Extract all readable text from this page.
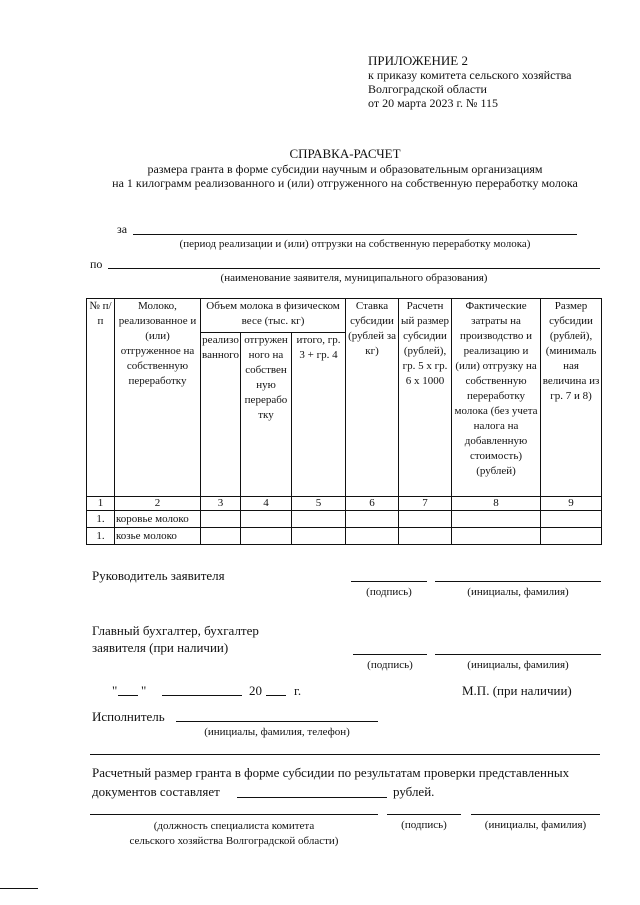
ПРИЛОЖЕНИЕ 2
к приказу комитета сельского хозяйства
Волгоградской области
от 20 марта 2023 г. № 115
СПРАВКА-РАСЧЕТ
размера гранта в форме субсидии научным и образовательным организациям
на 1 килограмм реализованного и (или) отгруженного на собственную переработку молока
за
(период реализации и (или) отгрузки на собственную переработку молока)
по
(наименование заявителя, муниципального образования)
№ п/п	Молоко, реализованное и (или) отгруженное на собственную переработку	Объем молока в физическом весе (тыс. кг)			Ставка субсидии (рублей за кг)	Расчетн ый размер субсидии (рублей), гр. 5 x гр. 6 x 1000	Фактические затраты на производство и реализацию и (или) отгрузку на собственную переработку молока (без учета налога на добавленную стоимость) (рублей)	Размер субсидии (рублей), (минималь ная величина из гр. 7 и 8)
		реализо ванного	отгружен ного на собствен ную перерабо тку	итого, гр. 3 + гр. 4				
1	2	3	4	5	6	7	8	9
1.	коровье молоко							
1.	козье молоко							
Руководитель заявителя
(подпись)	(инициалы, фамилия)
Главный бухгалтер, бухгалтер
заявителя (при наличии)
(подпись)	(инициалы, фамилия)
" "	20 г.	М.П. (при наличии)
Исполнитель
(инициалы, фамилия, телефон)
Расчетный размер гранта в форме субсидии по результатам проверки представленных
документов составляет	рублей.
(должность специалиста комитета
сельского хозяйства Волгоградской области)
(подпись)	(инициалы, фамилия)
